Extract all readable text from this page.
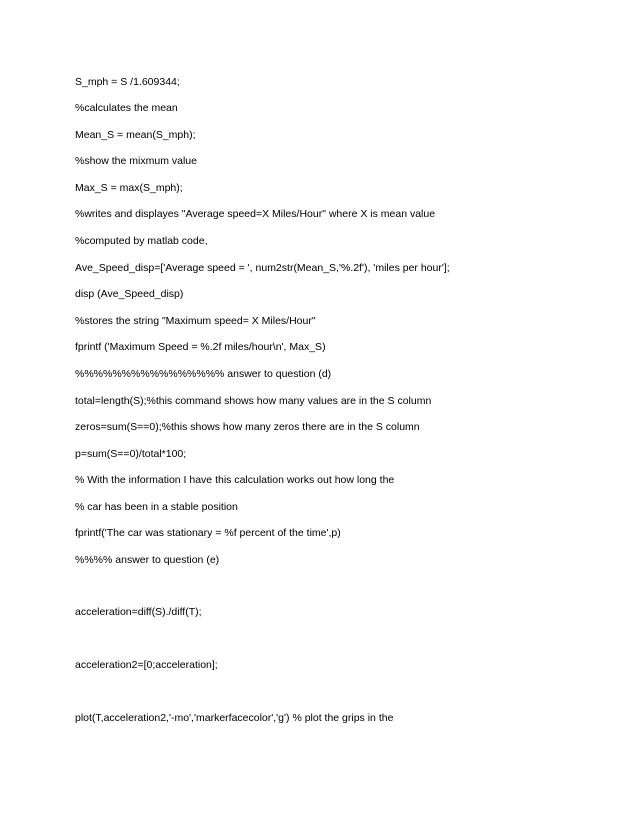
S_mph = S /1.609344;
%calculates the mean
Mean_S = mean(S_mph);
%show the mixmum value
Max_S = max(S_mph);
%writes and displayes "Average speed=X Miles/Hour" where X is mean value
%computed by matlab code,
Ave_Speed_disp=['Average speed = ', num2str(Mean_S,'%.2f'), 'miles per hour'];
disp (Ave_Speed_disp)
%stores the string "Maximum speed= X Miles/Hour"
fprintf ('Maximum Speed = %.2f miles/hour\n', Max_S)
%%%%%%%%%%%%%%%% answer to question (d)
total=length(S);%this command shows how many values are in the S column
zeros=sum(S==0);%this shows how many zeros there are in the S column
p=sum(S==0)/total*100;
% With the information I have this calculation works out how long the
% car has been in a stable position
fprintf('The car was stationary = %f percent of the time',p)
%%%% answer to question (e)
acceleration=diff(S)./diff(T);
acceleration2=[0;acceleration];
plot(T,acceleration2,'-mo','markerfacecolor','g') % plot the grips in the
